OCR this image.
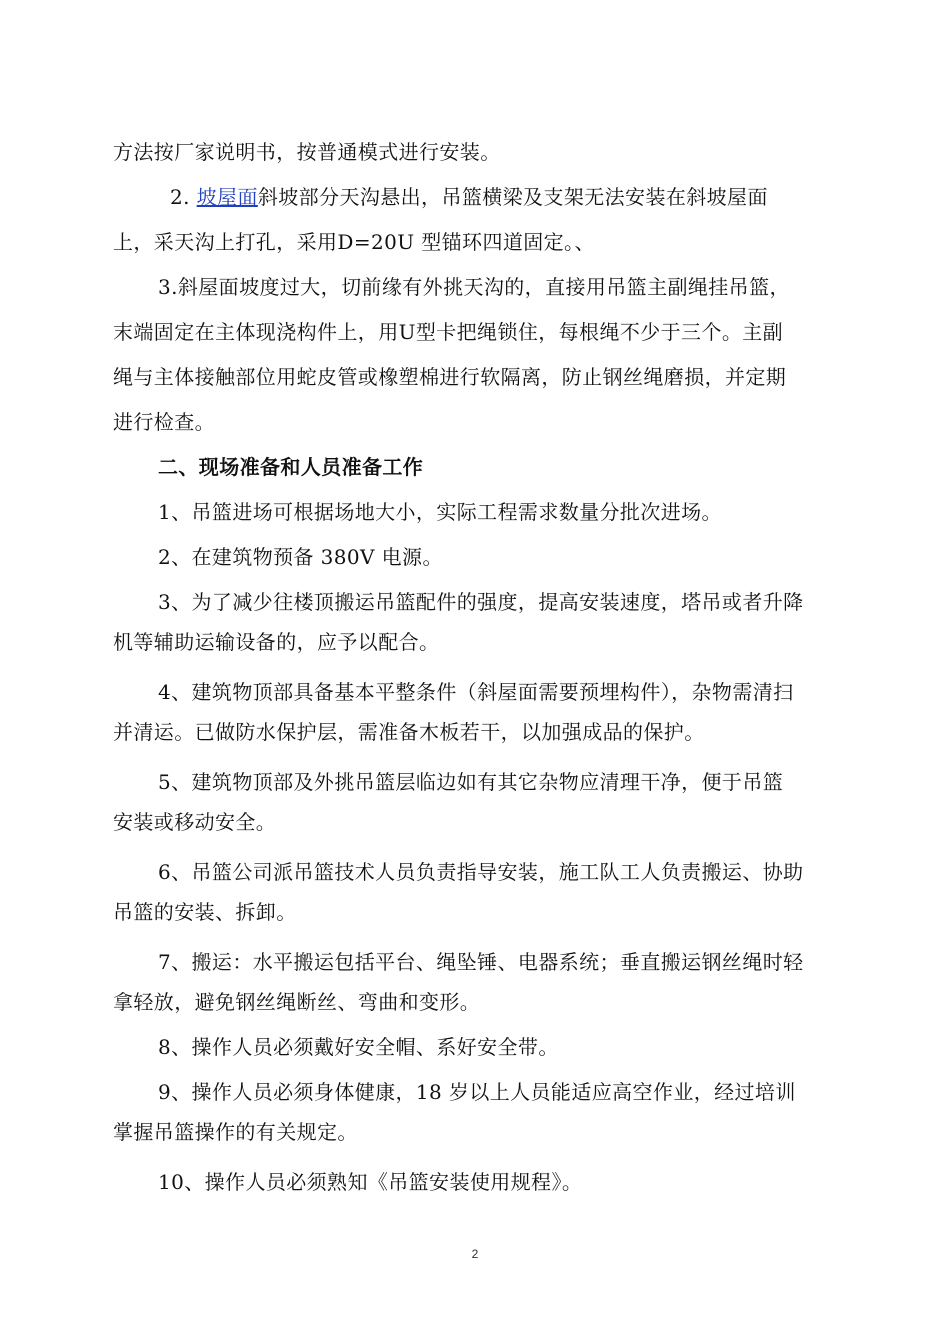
方法按厂家说明书，按普通模式进行安装。
2. 坡屋面斜坡部分天沟悬出，吊篮横梁及支架无法安装在斜坡屋面
上，采天沟上打孔，采用D=20U 型锚环四道固定。、
3.斜屋面坡度过大，切前缘有外挑天沟的，直接用吊篮主副绳挂吊篮，
末端固定在主体现浇构件上，用U型卡把绳锁住，每根绳不少于三个。主副
绳与主体接触部位用蛇皮管或橡塑棉进行软隔离，防止钢丝绳磨损，并定期
进行检查。
二、现场准备和人员准备工作
1、吊篮进场可根据场地大小，实际工程需求数量分批次进场。
2、在建筑物预备 380V 电源。
3、为了减少往楼顶搬运吊篮配件的强度，提高安装速度，塔吊或者升降
机等辅助运输设备的，应予以配合。
4、建筑物顶部具备基本平整条件（斜屋面需要预埋构件），杂物需清扫
并清运。已做防水保护层，需准备木板若干，以加强成品的保护。
5、建筑物顶部及外挑吊篮层临边如有其它杂物应清理干净，便于吊篮
安装或移动安全。
6、吊篮公司派吊篮技术人员负责指导安装，施工队工人负责搬运、协助
吊篮的安装、拆卸。
7、搬运：水平搬运包括平台、绳坠锤、电器系统；垂直搬运钢丝绳时轻
拿轻放，避免钢丝绳断丝、弯曲和变形。
8、操作人员必须戴好安全帽、系好安全带。
9、操作人员必须身体健康，18 岁以上人员能适应高空作业，经过培训
掌握吊篮操作的有关规定。
10、操作人员必须熟知《吊篮安装使用规程》。
2
